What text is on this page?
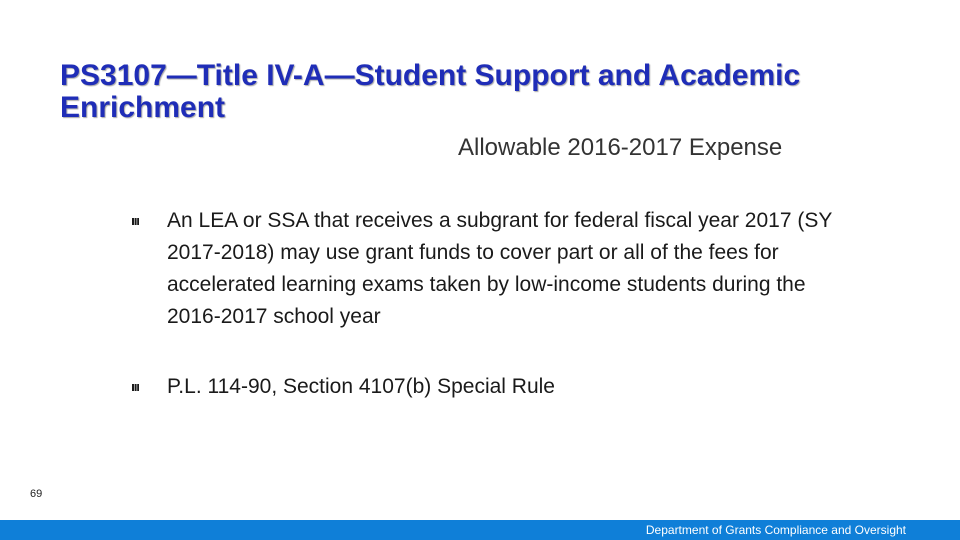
PS3107—Title IV-A—Student Support and Academic Enrichment
Allowable 2016-2017 Expense
An LEA or SSA that receives a subgrant for federal fiscal year 2017 (SY 2017-2018) may use grant funds to cover part or all of the fees for accelerated learning exams taken by low-income students during the 2016-2017 school year
P.L. 114-90, Section 4107(b) Special Rule
69
Department of Grants Compliance and Oversight
